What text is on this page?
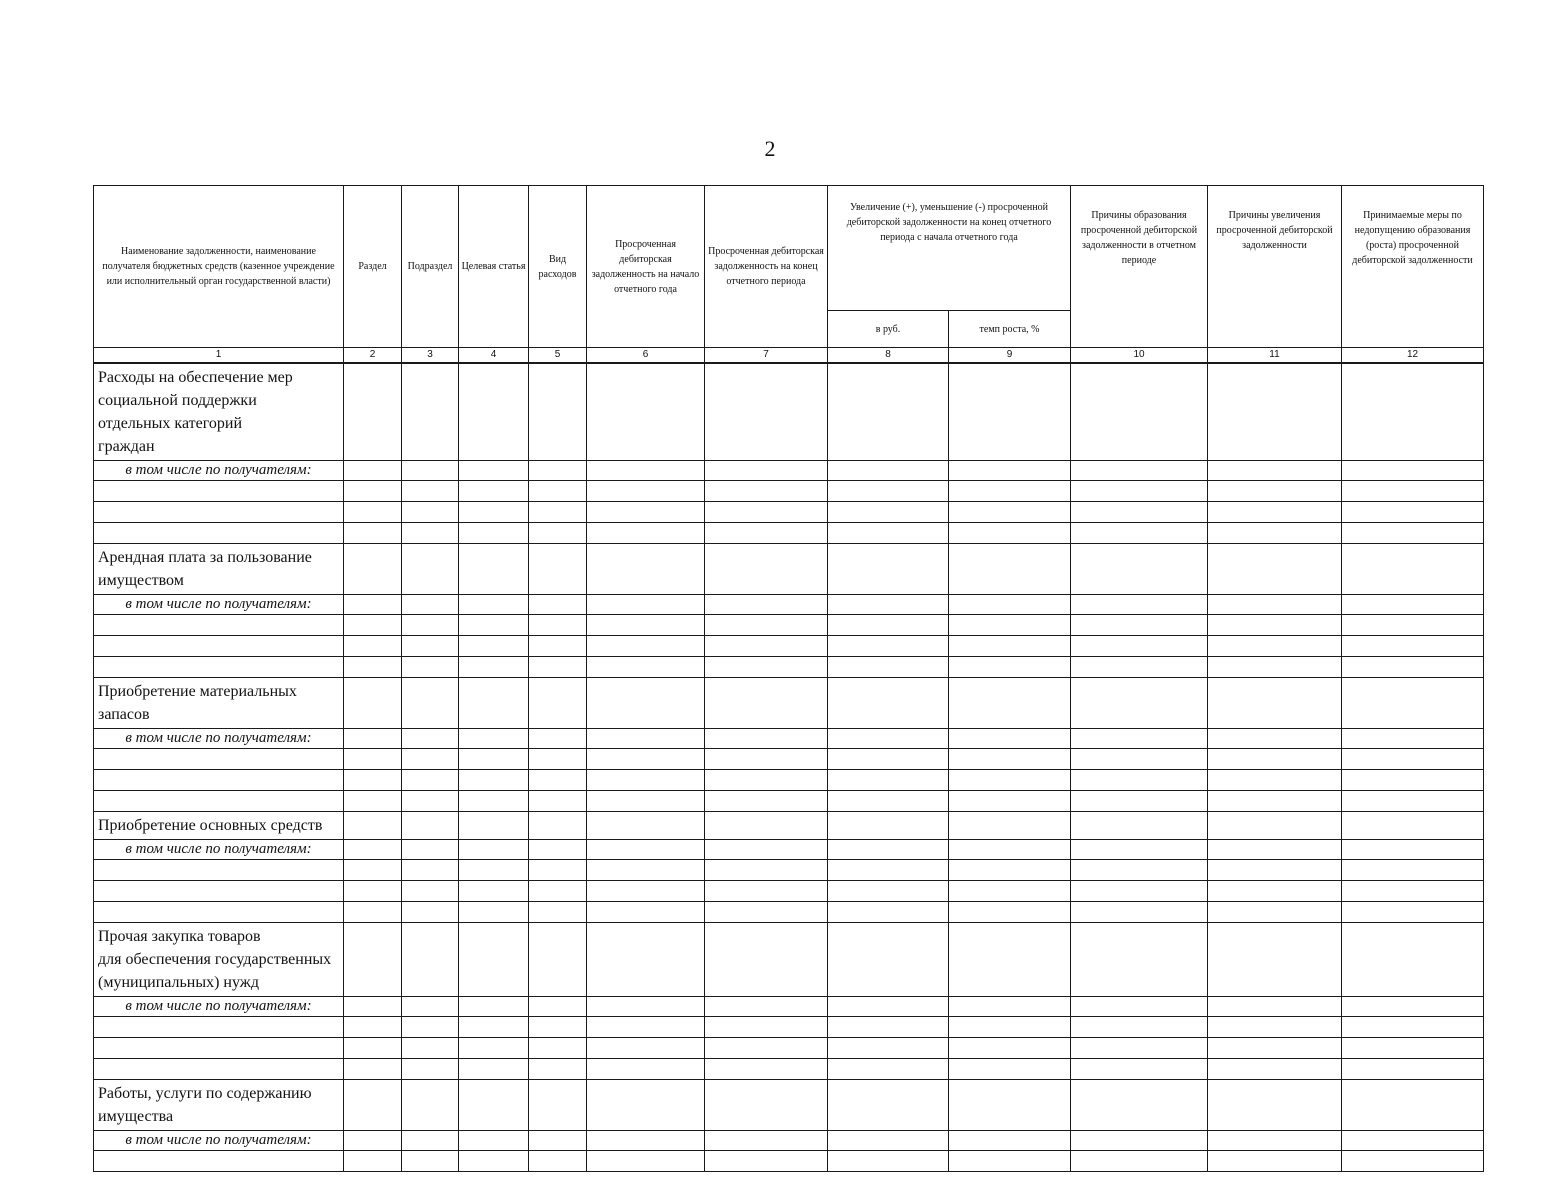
2
Наименование задолженности, наименование получателя бюджетных средств (казенное учреждение или исполнительный орган государственной власти)	Раздел	Подраздел	Целевая статья	Вид расходов	Просроченная дебиторская задолженность на начало отчетного года	Просроченная дебиторская задолженность на конец отчетного периода	Увеличение (+), уменьшение (-) просроченной дебиторской задолженности на конец отчетного периода с начала отчетного года		Причины образования просроченной дебиторской задолженности в отчетном периоде	Причины увеличения просроченной дебиторской задолженности	Принимаемые меры по недопущению образования (роста) просроченной дебиторской задолженности
							в руб.	темп роста, %			
1	2	3	4	5	6	7	8	9	10	11	12

Расходы на обеспечение мер
социальной поддержки
отдельных категорий
граждан											

в том числе по получателям:											

Арендная плата за пользование
имуществом											

в том числе по получателям:											

Приобретение материальных
запасов											

в том числе по получателям:											

Приобретение основных средств											

в том числе по получателям:											

Прочая закупка товаров
для обеспечения государственных
(муниципальных) нужд											

в том числе по получателям:											

Работы, услуги по содержанию
имущества											

в том числе по получателям:											
